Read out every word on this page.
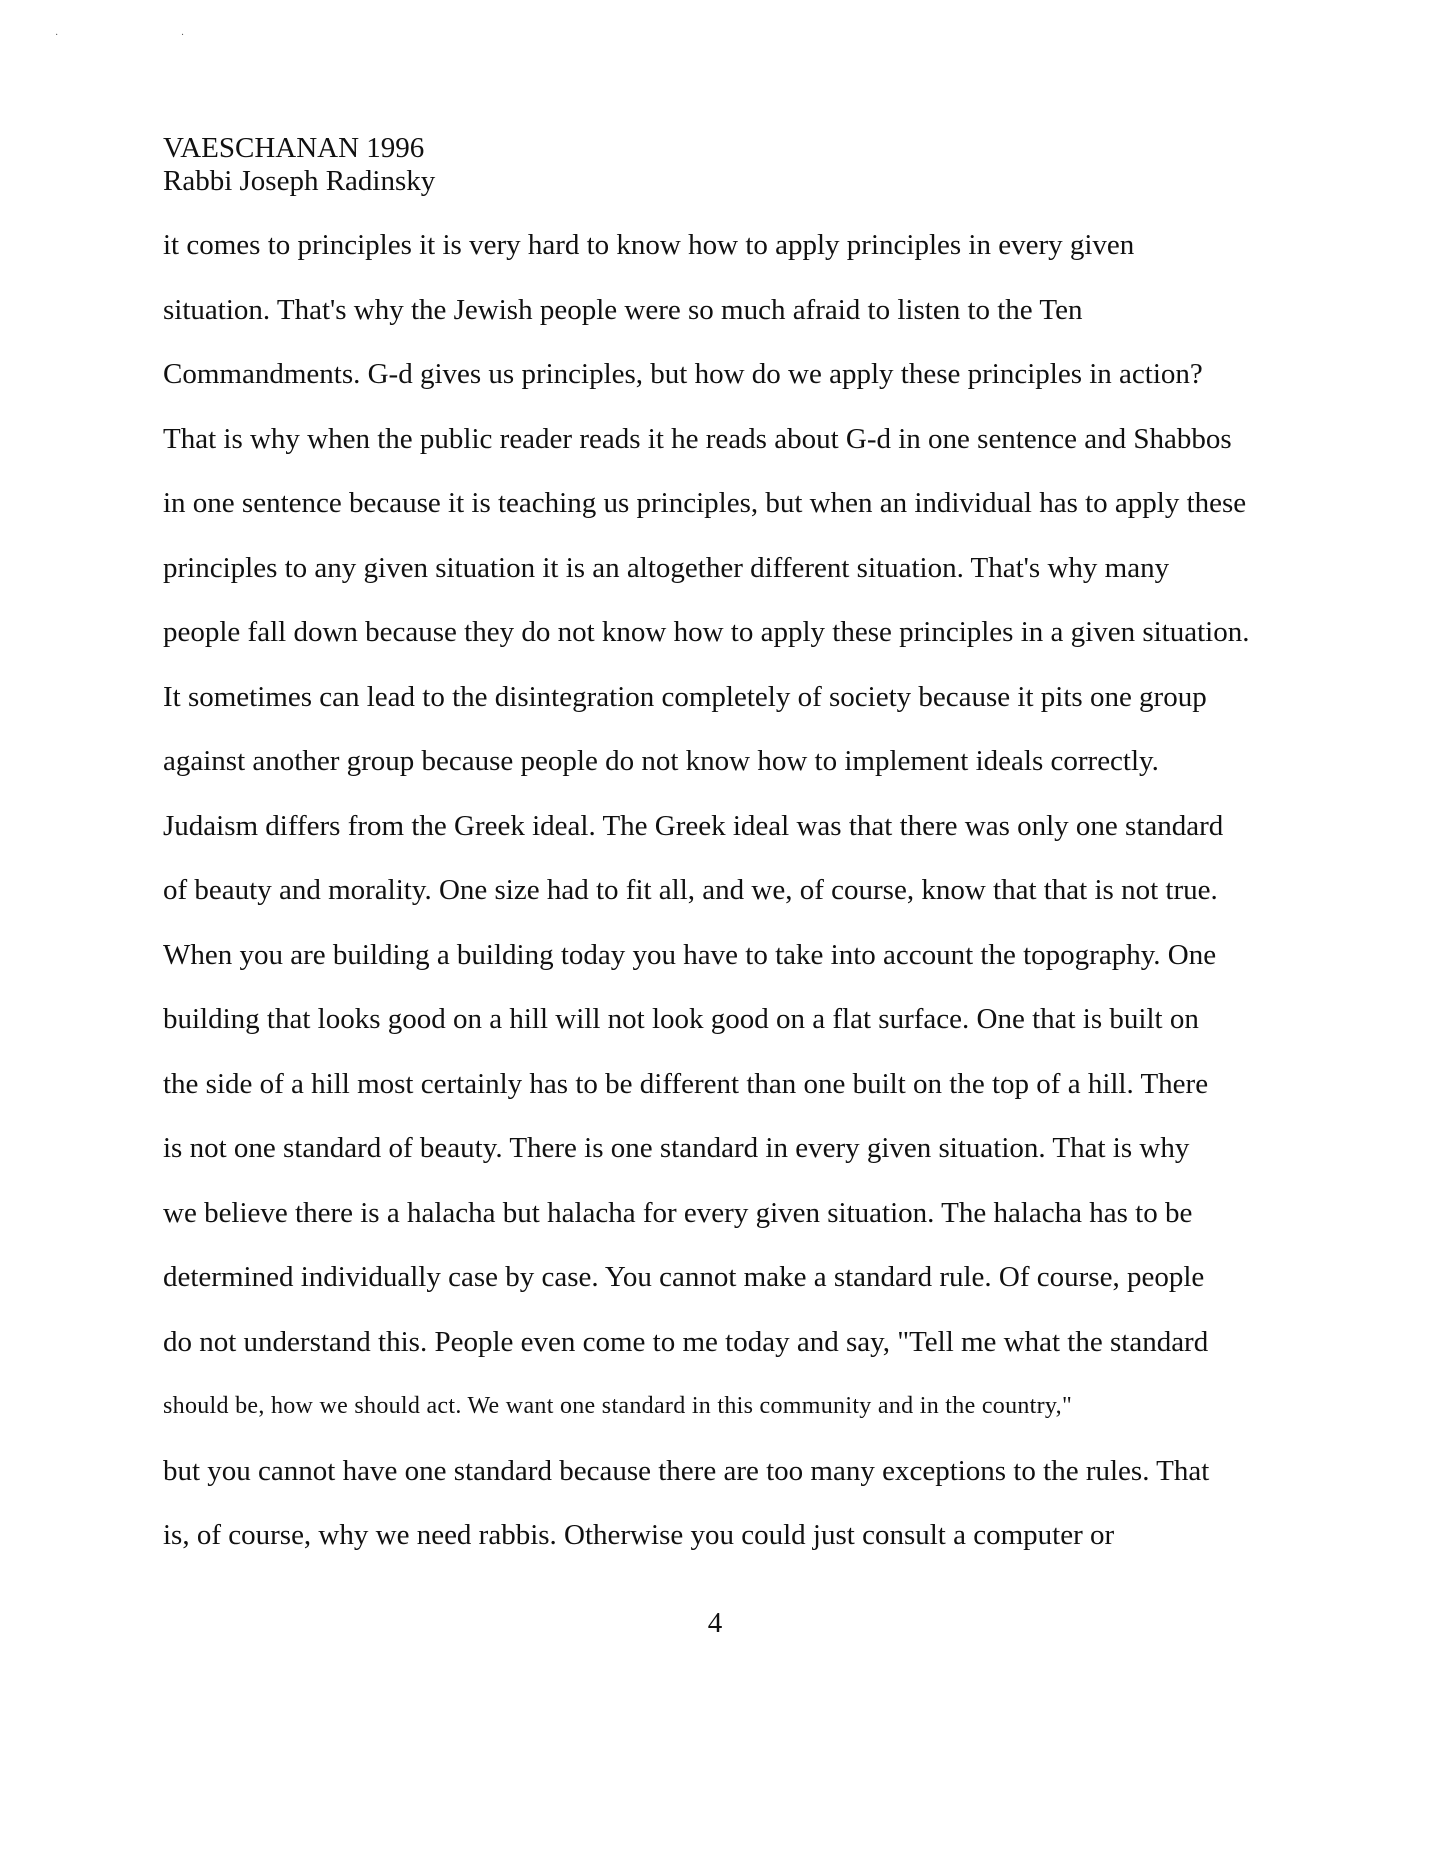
· ·
VAESCHANAN 1996
Rabbi Joseph Radinsky
it comes to principles it is very hard to know how to apply principles in every given
situation. That's why the Jewish people were so much afraid to listen to the Ten
Commandments. G-d gives us principles, but how do we apply these principles in action?
That is why when the public reader reads it he reads about G-d in one sentence and Shabbos
in one sentence because it is teaching us principles, but when an individual has to apply these
principles to any given situation it is an altogether different situation. That's why many
people fall down because they do not know how to apply these principles in a given situation.
It sometimes can lead to the disintegration completely of society because it pits one group
against another group because people do not know how to implement ideals correctly.
Judaism differs from the Greek ideal. The Greek ideal was that there was only one standard
of beauty and morality. One size had to fit all, and we, of course, know that that is not true.
When you are building a building today you have to take into account the topography. One
building that looks good on a hill will not look good on a flat surface. One that is built on
the side of a hill most certainly has to be different than one built on the top of a hill. There
is not one standard of beauty. There is one standard in every given situation. That is why
we believe there is a halacha but halacha for every given situation. The halacha has to be
determined individually case by case. You cannot make a standard rule. Of course, people
do not understand this. People even come to me today and say, "Tell me what the standard
should be, how we should act. We want one standard in this community and in the country,"
but you cannot have one standard because there are too many exceptions to the rules. That
is, of course, why we need rabbis. Otherwise you could just consult a computer or
4
